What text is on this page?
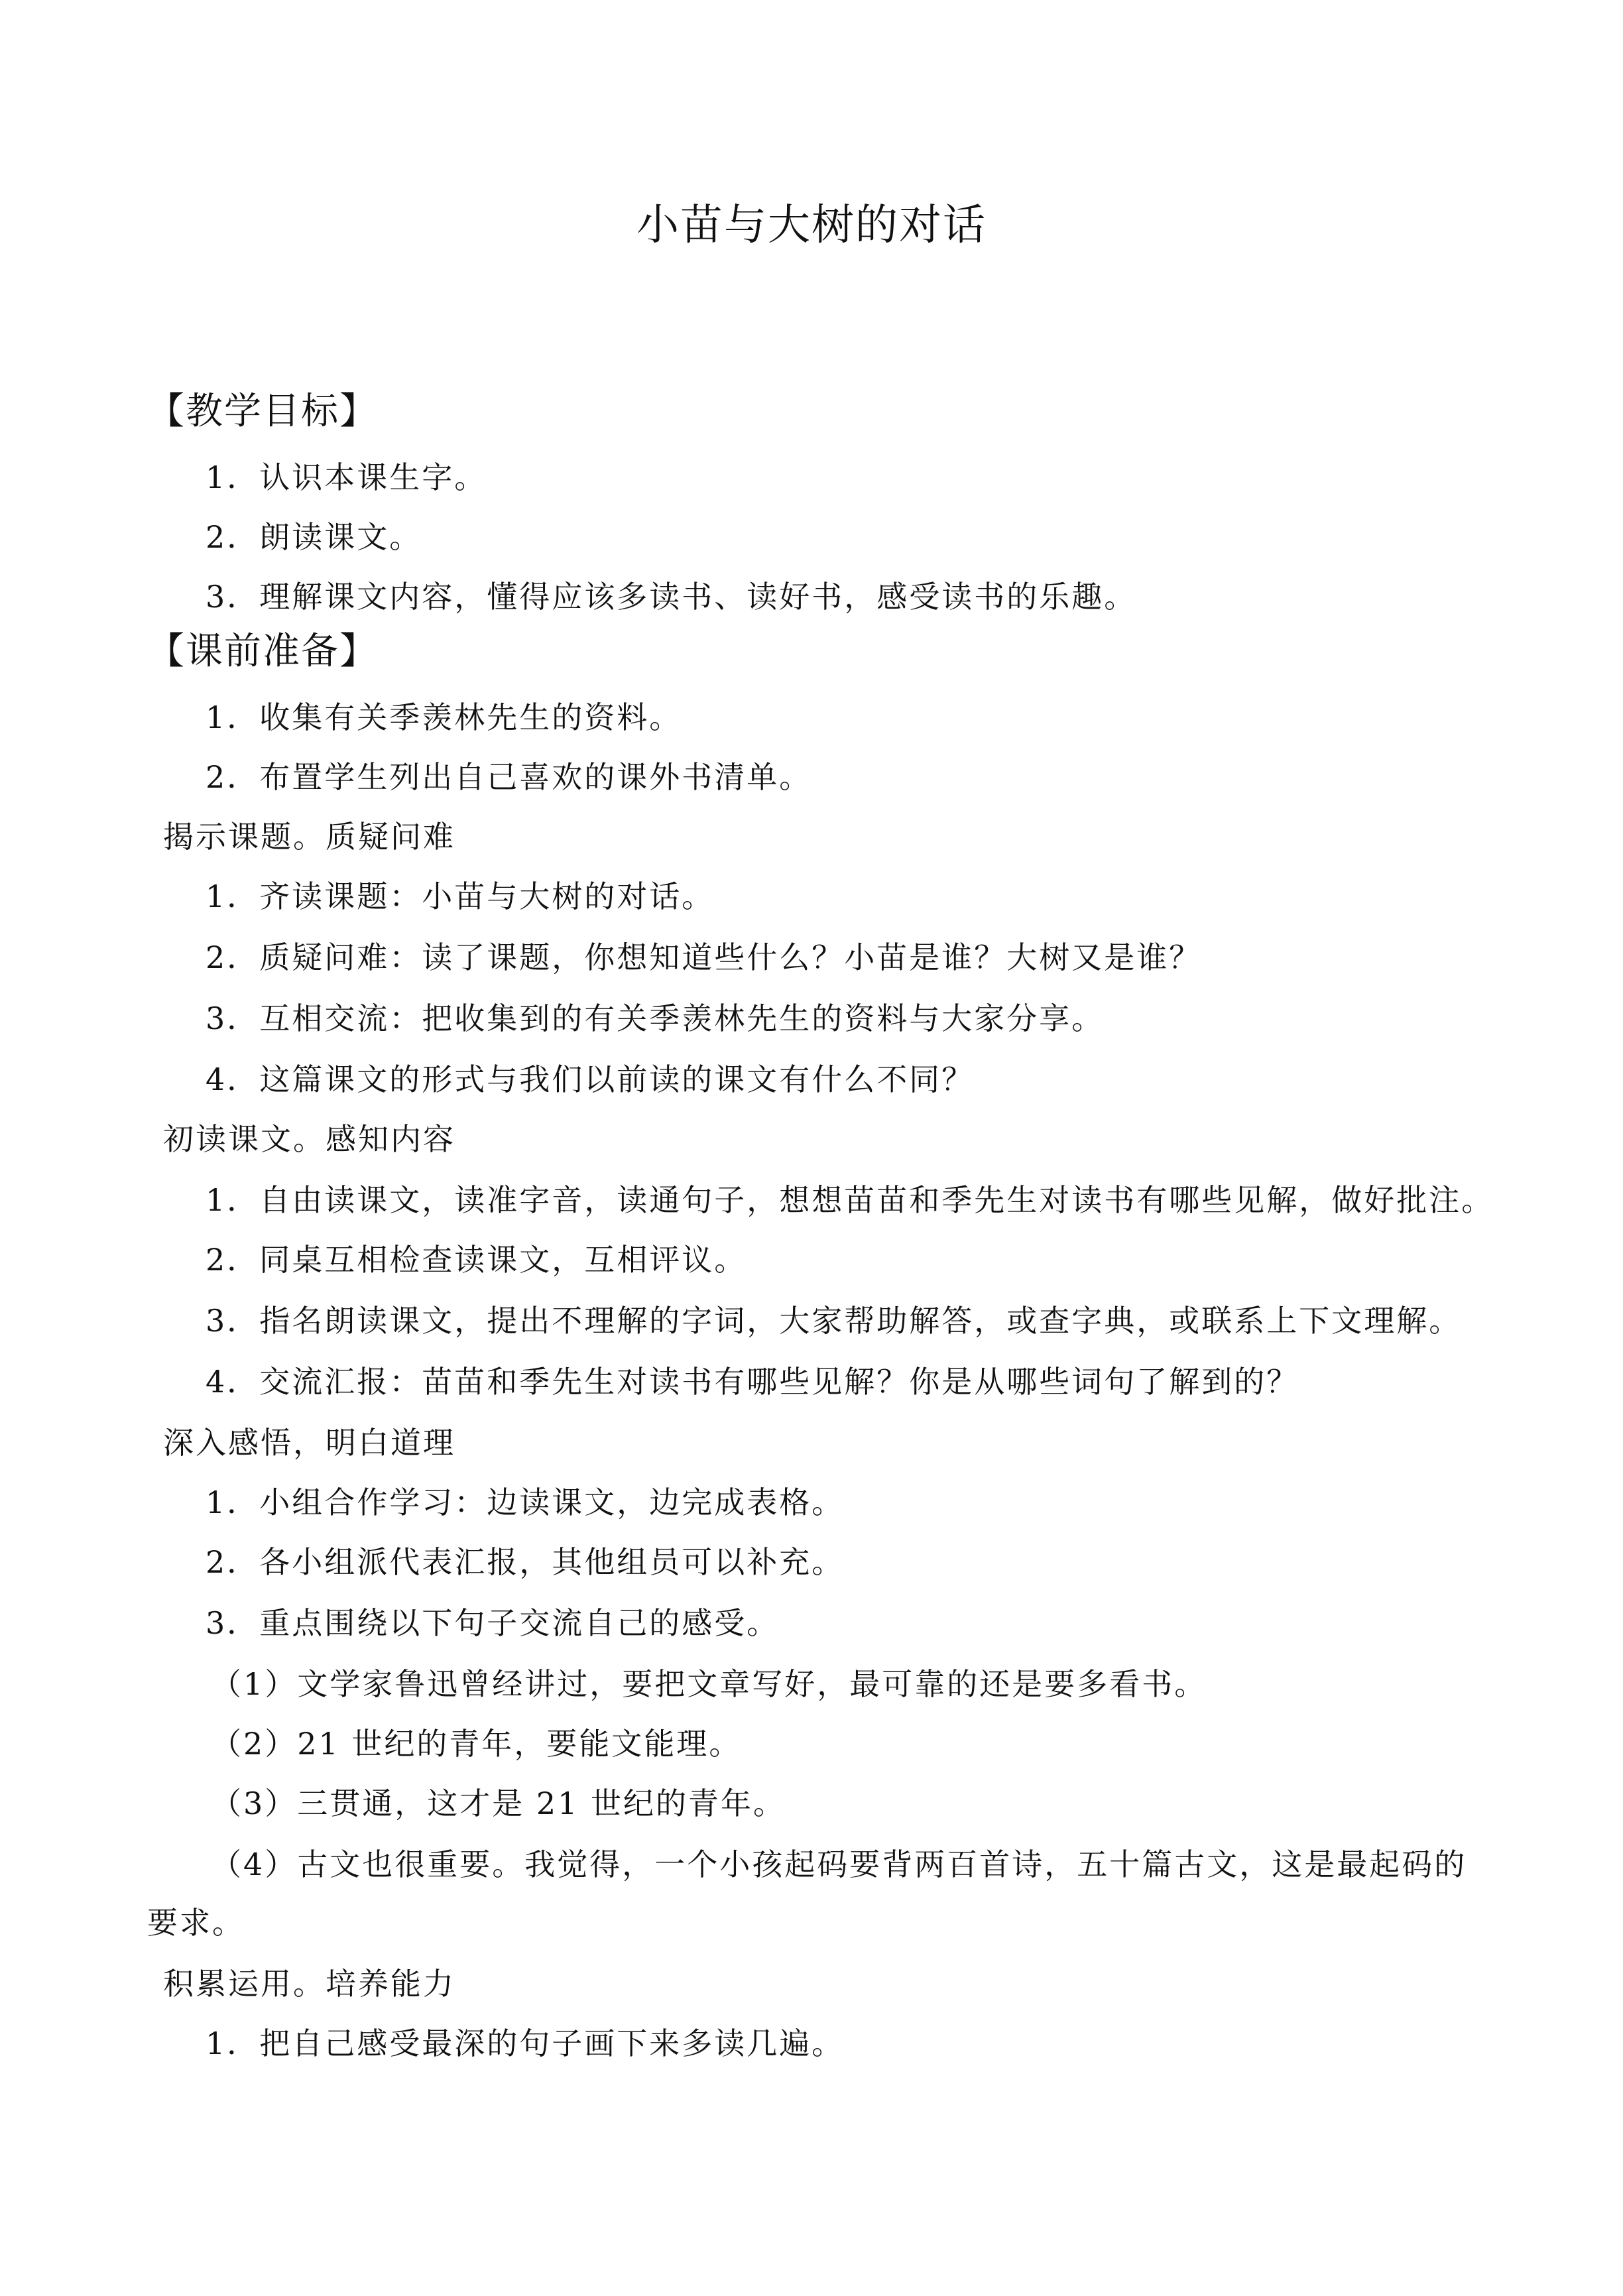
小苗与大树的对话
【教学目标】
1．认识本课生字。
2．朗读课文。
3．理解课文内容，懂得应该多读书、读好书，感受读书的乐趣。
【课前准备】
1．收集有关季羡林先生的资料。
2．布置学生列出自己喜欢的课外书清单。
揭示课题。质疑问难
1．齐读课题：小苗与大树的对话。
2．质疑问难：读了课题，你想知道些什么？小苗是谁？大树又是谁？
3．互相交流：把收集到的有关季羡林先生的资料与大家分享。
4．这篇课文的形式与我们以前读的课文有什么不同？
初读课文。感知内容
1．自由读课文，读准字音，读通句子，想想苗苗和季先生对读书有哪些见解，做好批注。
2．同桌互相检查读课文，互相评议。
3．指名朗读课文，提出不理解的字词，大家帮助解答，或查字典，或联系上下文理解。
4．交流汇报：苗苗和季先生对读书有哪些见解？你是从哪些词句了解到的？
深入感悟，明白道理
1．小组合作学习：边读课文，边完成表格。
2．各小组派代表汇报，其他组员可以补充。
3．重点围绕以下句子交流自己的感受。
（1）文学家鲁迅曾经讲过，要把文章写好，最可靠的还是要多看书。
（2）21 世纪的青年，要能文能理。
（3）三贯通，这才是 21 世纪的青年。
（4）古文也很重要。我觉得，一个小孩起码要背两百首诗，五十篇古文，这是最起码的
要求。
积累运用。培养能力
1．把自己感受最深的句子画下来多读几遍。
